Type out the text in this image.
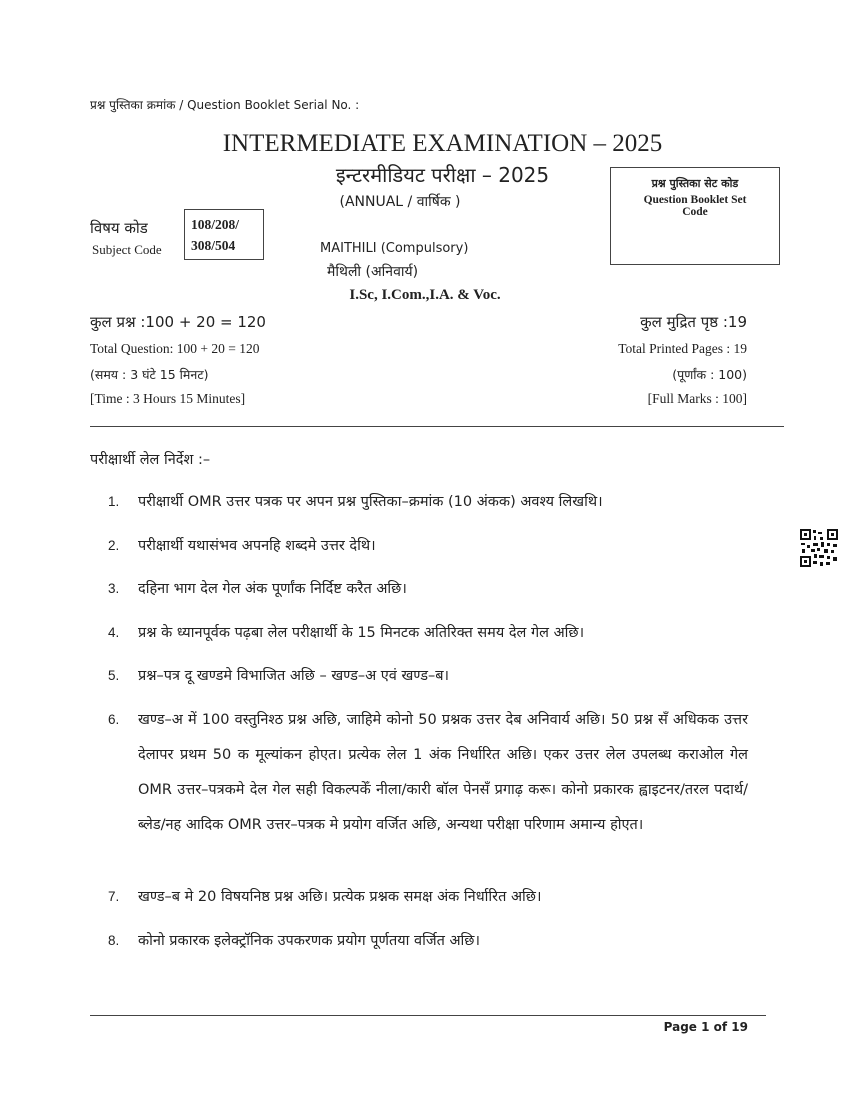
प्रश्न पुस्तिका क्रमांक / Question Booklet Serial No. :
INTERMEDIATE EXAMINATION – 2025
इन्टरमीडियट परीक्षा – 2025
(ANNUAL / वार्षिक )
प्रश्न पुस्तिका सेट कोड
Question Booklet Set Code
विषय कोड
Subject Code
108/208/
308/504	MAITHILI (Compulsory)
मैथिली (अनिवार्य)
I.Sc, I.Com.,I.A. & Voc.
कुल प्रश्न :100 + 20 = 120
Total Question: 100 + 20 = 120
(समय : 3 घंटे 15 मिनट)
[Time : 3 Hours 15 Minutes]
कुल मुद्रित पृष्ठ :19
Total Printed Pages : 19
(पूर्णांक : 100)
[Full Marks : 100]
परीक्षार्थी लेल निर्देश :–
1. परीक्षार्थी OMR उत्तर पत्रक पर अपन प्रश्न पुस्तिका–क्रमांक (10 अंकक) अवश्य लिखथि।
2. परीक्षार्थी यथासंभव अपनहि शब्दमे उत्तर देथि।
3. दहिना भाग देल गेल अंक पूर्णांक निर्दिष्ट करैत अछि।
4. प्रश्न के ध्यानपूर्वक पढ़बा लेल परीक्षार्थी के 15 मिनटक अतिरिक्त समय देल गेल अछि।
5. प्रश्न–पत्र दू खण्डमे विभाजित अछि – खण्ड–अ एवं खण्ड–ब।
6. खण्ड–अ में 100 वस्तुनिश्ठ प्रश्न अछि, जाहिमे कोनो 50 प्रश्नक उत्तर देब अनिवार्य अछि। 50 प्रश्न सँ अधिकक उत्तर देलापर प्रथम 50 क मूल्यांकन होएत। प्रत्येक लेल 1 अंक निर्धारित अछि। एकर उत्तर लेल उपलब्ध कराओल गेल OMR उत्तर–पत्रकमे देल गेल सही विकल्पकेँ नीला/कारी बॉल पेनसँ प्रगाढ़ करू। कोनो प्रकारक ह्वाइटनर/तरल पदार्थ/ब्लेड/नह आदिक OMR उत्तर–पत्रक मे प्रयोग वर्जित अछि, अन्यथा परीक्षा परिणाम अमान्य होएत।
7. खण्ड–ब मे 20 विषयनिष्ठ प्रश्न अछि। प्रत्येक प्रश्नक समक्ष अंक निर्धारित अछि।
8. कोनो प्रकारक इलेक्ट्रॉनिक उपकरणक प्रयोग पूर्णतया वर्जित अछि।
Page 1 of 19
